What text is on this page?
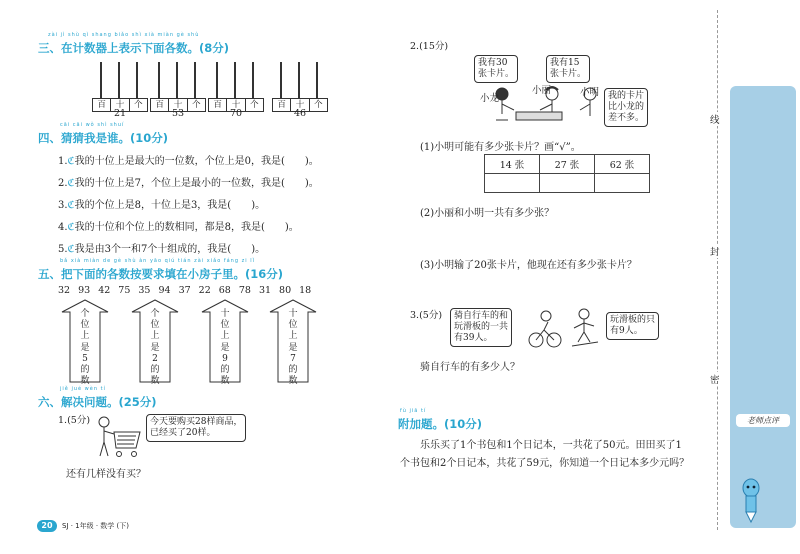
zài jì shù qì shang biǎo shì xià miàn gè shù
三、在计数器上表示下面各数。(8分)
百	十	个	百	十	个	百	十	个	百	十	个
21	53	70	46
cāi cāi wǒ shì shuí
四、猜猜我是谁。(10分)
1.ℭ我的十位上是最大的一位数，个位上是0，我是(　　)。
2.ℭ我的十位上是7，个位上是最小的一位数，我是(　　)。
3.ℭ我的个位上是8，十位上是3，我是(　　)。
4.ℭ我的十位和个位上的数相同，都是8，我是(　　)。
5.ℭ我是由3个一和7个十组成的，我是(　　)。
bǎ xià miàn de gè shù àn yāo qiú tián zài xiǎo fáng zi lǐ
五、把下面的各数按要求填在小房子里。(16分)
32 93 42 75 35 94 37 22 68 78 31 80 18
个位上是5的数
个位上是2的数
十位上是9的数
十位上是7的数
jiě jué wèn tí
六、解决问题。(25分)
1.(5分)	今天要购买28样商品，
已经买了20样。
还有几样没有买？
20	SJ · 1年级 · 数学 (下)
2.(15分)
我有30
张卡片。
我有15
张卡片。
我的卡片
比小龙的
差不多。
小龙
小丽	小明
(1)小明可能有多少张卡片？画“√”。
14 张	27 张	62 张

(2)小丽和小明一共有多少张？
(3)小明输了20张卡片，他现在还有多少张卡片？
3.(5分) 骑自行车的和
玩滑板的一共
有39人。
玩滑板的只
有9人。
骑自行车的有多少人？
fù jiā tí
附加题。(10分)
乐乐买了1个书包和1个日记本，一共花了50元。田田买了1
个书包和2个日记本，共花了59元，你知道一个日记本多少元吗？
线
封
密
老师点评
